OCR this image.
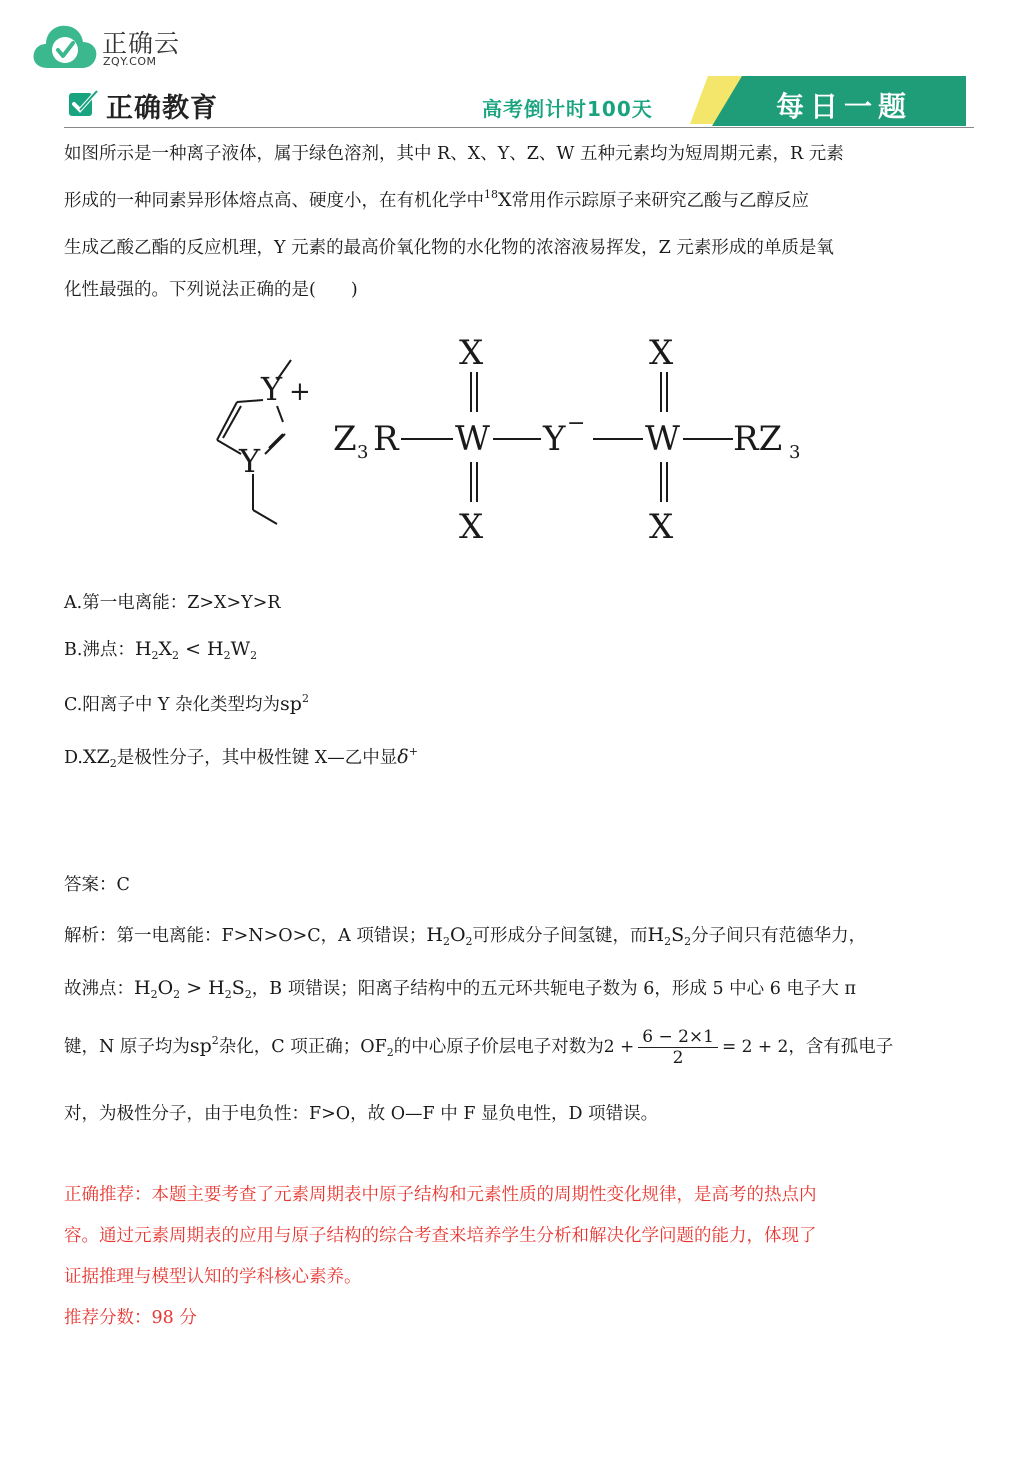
正确云
ZQY.COM
正确教育	高考倒计时100天	每日一题
如图所示是一种离子液体，属于绿色溶剂，其中 R、X、Y、Z、W 五种元素均为短周期元素，R 元素
形成的一种同素异形体熔点高、硬度小，在有机化学中$^{18}$X常用作示踪原子来研究乙酸与乙醇反应
生成乙酸乙酯的反应机理，Y 元素的最高价氧化物的水化物的浓溶液易挥发，Z 元素形成的单质是氧
化性最强的。下列说法正确的是(　　)
Y +
Y
Z 3 R W
X
X
Y − W
X
X
RZ 3
A.第一电离能：Z>X>Y>R
B.沸点：$H_2X_2 < H_2W_2$
C.阳离子中 Y 杂化类型均为$sp^2$
$D.XZ_2$是极性分子，其中极性键 X—乙中显δ+
答案：C
解析：第一电离能：F>N>O>C，A 项错误；$H_2O_2$可形成分子间氢键，而$H_2S_2$分子间只有范德华力，
故沸点：$H_2O_2 > H_2S_2$，B 项错误；阳离子结构中的五元环共轭电子数为 6，形成 5 中心 6 电子大 π
键，N 原子均为$sp^2$杂化，C 项正确；$OF_2$的中心原子价层电子对数为$2 + \frac{6 - 2\times 1}{2} = 2 + 2$，含有孤电子
对，为极性分子，由于电负性：F>O，故 O—F 中 F 显负电性，D 项错误。
正确推荐：本题主要考查了元素周期表中原子结构和元素性质的周期性变化规律，是高考的热点内
容。通过元素周期表的应用与原子结构的综合考查来培养学生分析和解决化学问题的能力，体现了
证据推理与模型认知的学科核心素养。
推荐分数：98 分
